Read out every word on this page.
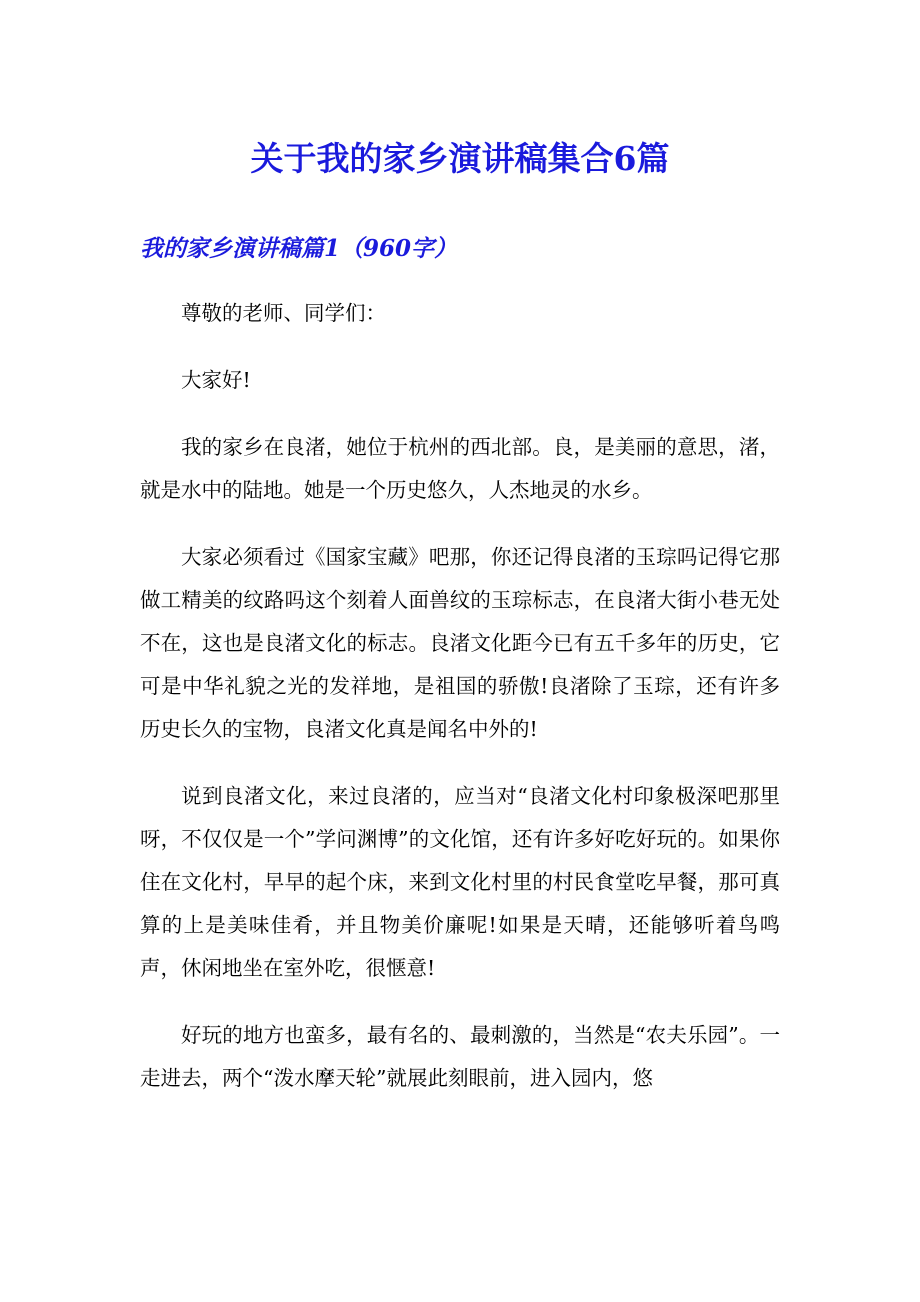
关于我的家乡演讲稿集合6篇
我的家乡演讲稿篇1（960字）

尊敬的老师、同学们：

大家好!

我的家乡在良渚，她位于杭州的西北部。良，是美丽的意思，渚，就是水中的陆地。她是一个历史悠久，人杰地灵的水乡。

大家必须看过《国家宝藏》吧那，你还记得良渚的玉琮吗记得它那做工精美的纹路吗这个刻着人面兽纹的玉琮标志，在良渚大街小巷无处不在，这也是良渚文化的标志。良渚文化距今已有五千多年的历史，它可是中华礼貌之光的发祥地，是祖国的骄傲!良渚除了玉琮，还有许多历史长久的宝物，良渚文化真是闻名中外的!

说到良渚文化，来过良渚的，应当对“良渚文化村印象极深吧那里呀，不仅仅是一个”学问渊博”的文化馆，还有许多好吃好玩的。如果你住在文化村，早早的起个床，来到文化村里的村民食堂吃早餐，那可真算的上是美味佳肴，并且物美价廉呢!如果是天晴，还能够听着鸟鸣声，休闲地坐在室外吃，很惬意!

好玩的地方也蛮多，最有名的、最刺激的，当然是“农夫乐园”。一走进去，两个“泼水摩天轮”就展此刻眼前，进入园内，悠
